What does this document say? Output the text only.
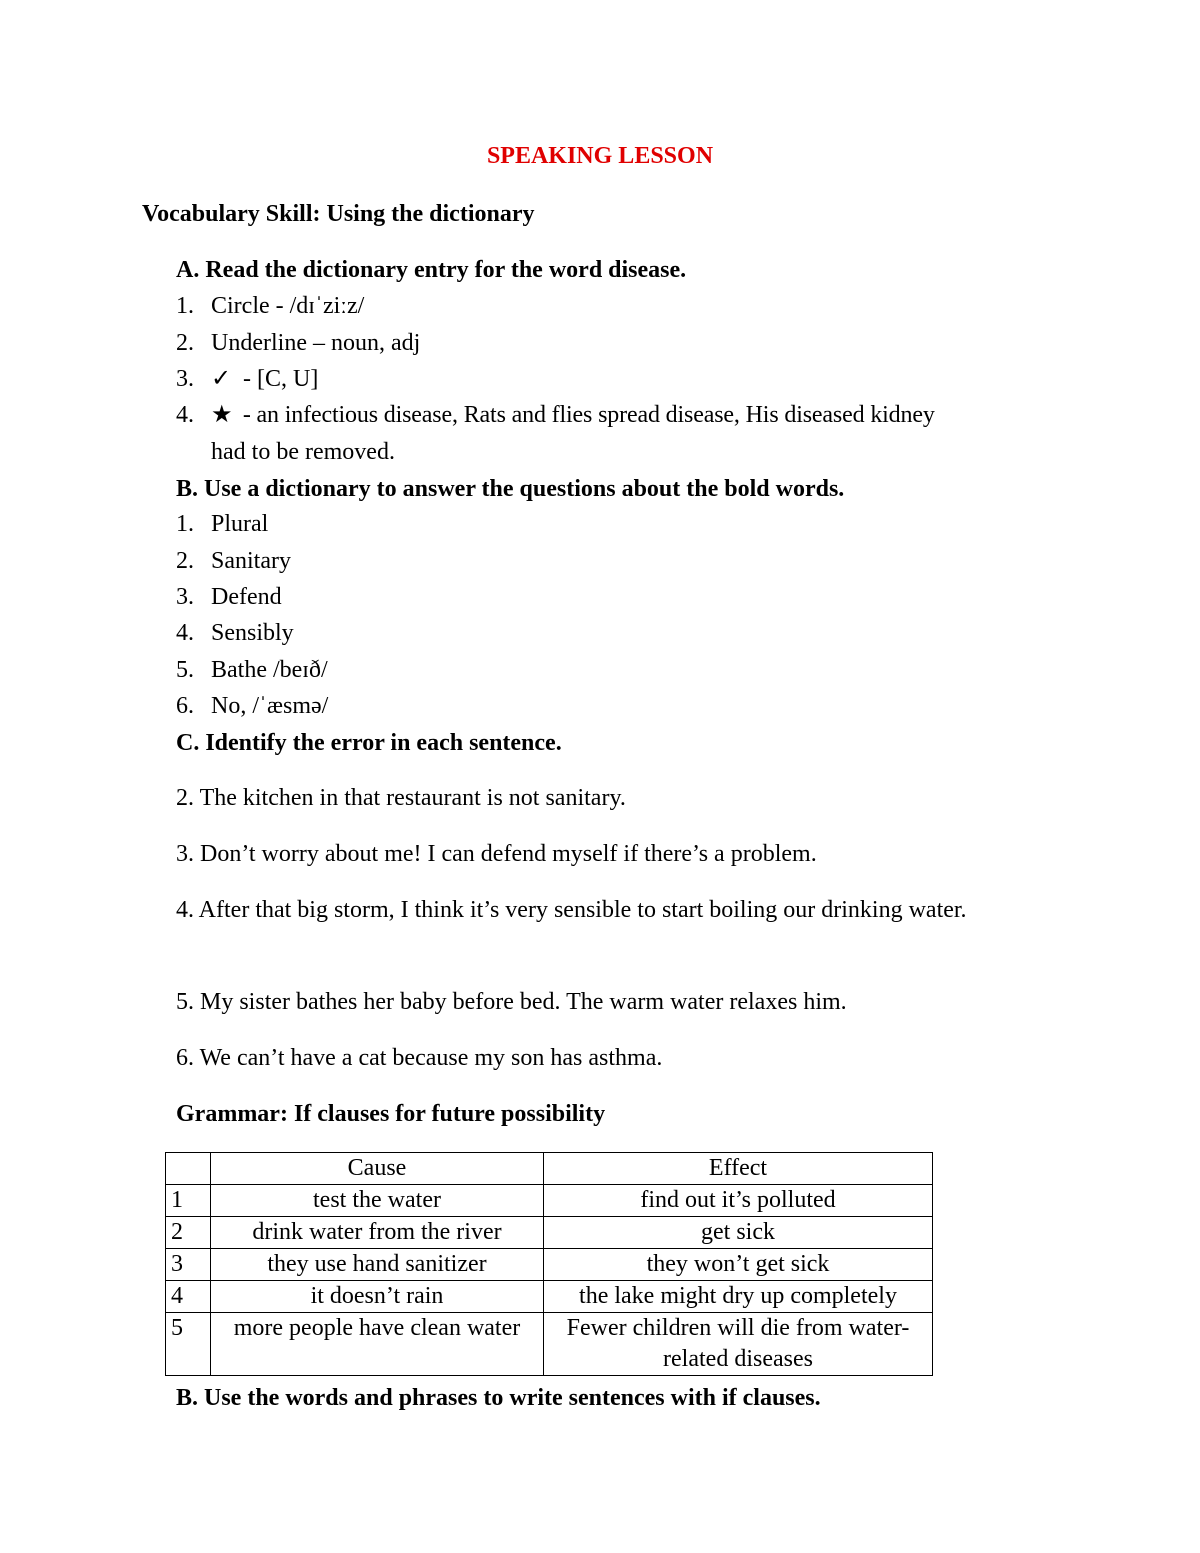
SPEAKING LESSON
Vocabulary Skill: Using the dictionary
A. Read the dictionary entry for the word disease.
1. Circle - /dɪˈziːz/
2. Underline – noun, adj
3. ✓ - [C, U]
4. ★ - an infectious disease, Rats and flies spread disease, His diseased kidney
had to be removed.
B. Use a dictionary to answer the questions about the bold words.
1. Plural
2. Sanitary
3. Defend
4. Sensibly
5. Bathe /beɪð/
6. No, /ˈæsmə/
C. Identify the error in each sentence.
2. The kitchen in that restaurant is not sanitary.
3. Don’t worry about me! I can defend myself if there’s a problem.
4. After that big storm, I think it’s very sensible to start boiling our drinking water.
5. My sister bathes her baby before bed. The warm water relaxes him.
6. We can’t have a cat because my son has asthma.
Grammar: If clauses for future possibility
	Cause	Effect
1	test the water	find out it’s polluted
2	drink water from the river	get sick
3	they use hand sanitizer	they won’t get sick
4	it doesn’t rain	the lake might dry up completely
5	more people have clean water	Fewer children will die from water-related diseases
B. Use the words and phrases to write sentences with if clauses.
